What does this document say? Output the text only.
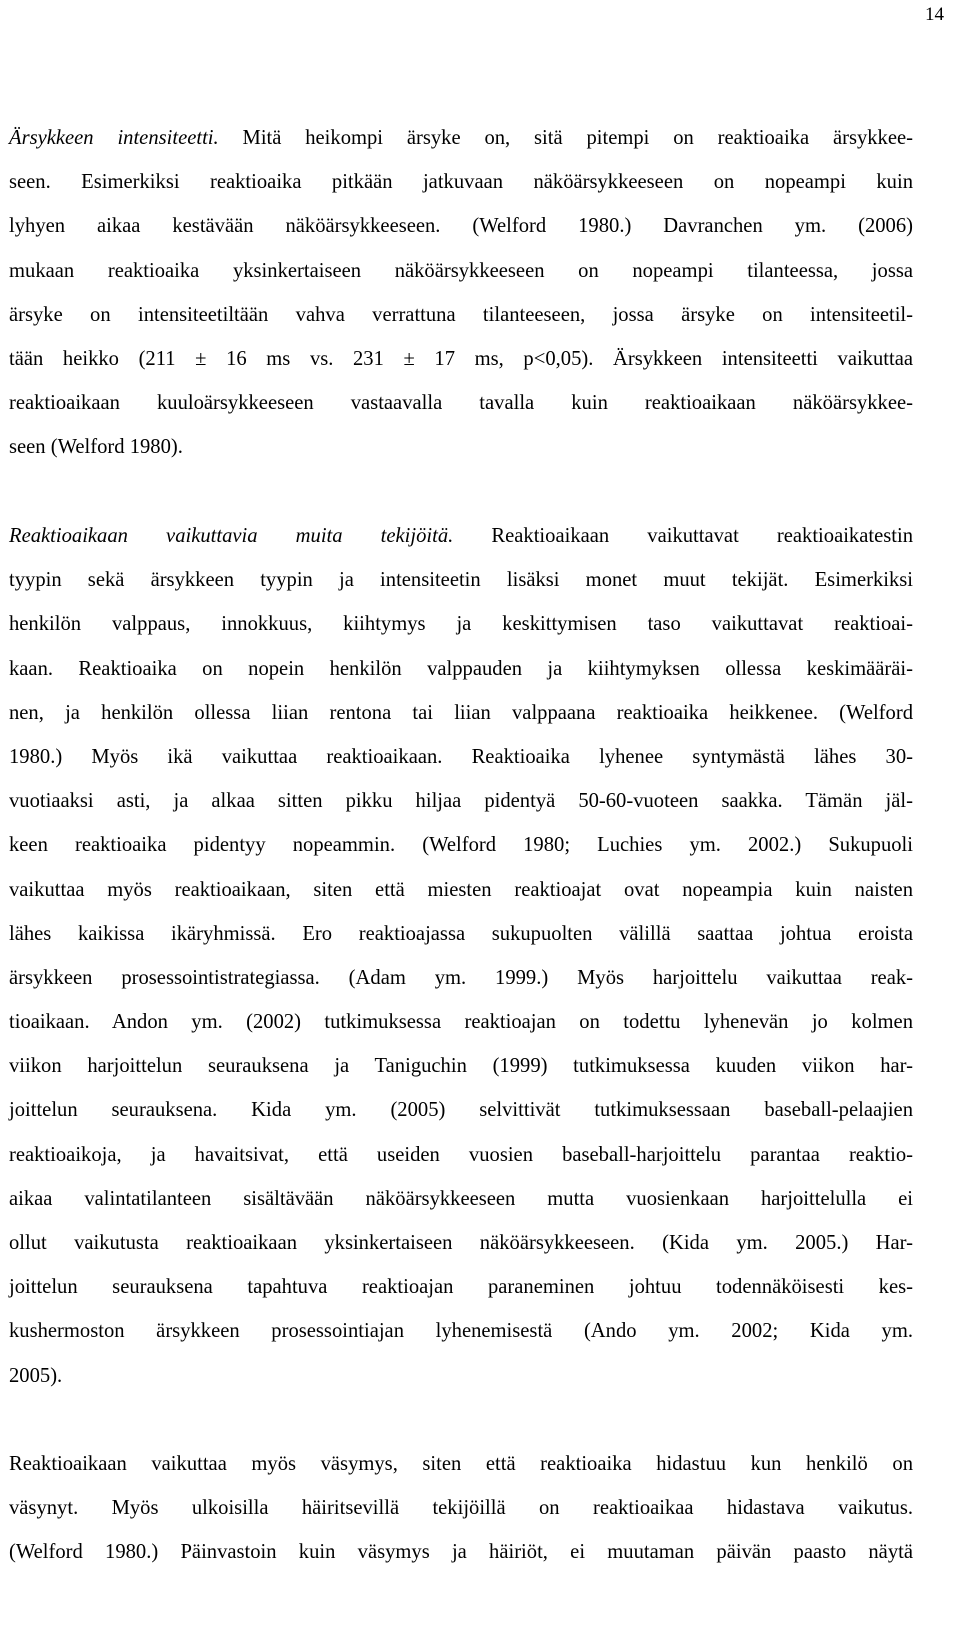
14
Ärsykkeen intensiteetti. Mitä heikompi ärsyke on, sitä pitempi on reaktioaika ärsykkee-
seen. Esimerkiksi reaktioaika pitkään jatkuvaan näköärsykkeeseen on nopeampi kuin
lyhyen aikaa kestävään näköärsykkeeseen. (Welford 1980.) Davranchen ym. (2006)
mukaan reaktioaika yksinkertaiseen näköärsykkeeseen on nopeampi tilanteessa, jossa
ärsyke on intensiteetiltään vahva verrattuna tilanteeseen, jossa ärsyke on intensiteetil-
tään heikko (211 ± 16 ms vs. 231 ± 17 ms, p<0,05). Ärsykkeen intensiteetti vaikuttaa
reaktioaikaan kuuloärsykkeeseen vastaavalla tavalla kuin reaktioaikaan näköärsykkee-
seen (Welford 1980).
Reaktioaikaan vaikuttavia muita tekijöitä. Reaktioaikaan vaikuttavat reaktioaikatestin
tyypin sekä ärsykkeen tyypin ja intensiteetin lisäksi monet muut tekijät. Esimerkiksi
henkilön valppaus, innokkuus, kiihtymys ja keskittymisen taso vaikuttavat reaktioai-
kaan. Reaktioaika on nopein henkilön valppauden ja kiihtymyksen ollessa keskimääräi-
nen, ja henkilön ollessa liian rentona tai liian valppaana reaktioaika heikkenee. (Welford
1980.) Myös ikä vaikuttaa reaktioaikaan. Reaktioaika lyhenee syntymästä lähes 30-
vuotiaaksi asti, ja alkaa sitten pikku hiljaa pidentyä 50-60-vuoteen saakka. Tämän jäl-
keen reaktioaika pidentyy nopeammin. (Welford 1980; Luchies ym. 2002.) Sukupuoli
vaikuttaa myös reaktioaikaan, siten että miesten reaktioajat ovat nopeampia kuin naisten
lähes kaikissa ikäryhmissä. Ero reaktioajassa sukupuolten välillä saattaa johtua eroista
ärsykkeen prosessointistrategiassa. (Adam ym. 1999.) Myös harjoittelu vaikuttaa reak-
tioaikaan. Andon ym. (2002) tutkimuksessa reaktioajan on todettu lyhenevän jo kolmen
viikon harjoittelun seurauksena ja Taniguchin (1999) tutkimuksessa kuuden viikon har-
joittelun seurauksena. Kida ym. (2005) selvittivät tutkimuksessaan baseball-pelaajien
reaktioaikoja, ja havaitsivat, että useiden vuosien baseball-harjoittelu parantaa reaktio-
aikaa valintatilanteen sisältävään näköärsykkeeseen mutta vuosienkaan harjoittelulla ei
ollut vaikutusta reaktioaikaan yksinkertaiseen näköärsykkeeseen. (Kida ym. 2005.) Har-
joittelun seurauksena tapahtuva reaktioajan paraneminen johtuu todennäköisesti kes-
kushermoston ärsykkeen prosessointiajan lyhenemisestä (Ando ym. 2002; Kida ym.
2005).
Reaktioaikaan vaikuttaa myös väsymys, siten että reaktioaika hidastuu kun henkilö on
väsynyt. Myös ulkoisilla häiritsevillä tekijöillä on reaktioaikaa hidastava vaikutus.
(Welford 1980.) Päinvastoin kuin väsymys ja häiriöt, ei muutaman päivän paasto näytä
